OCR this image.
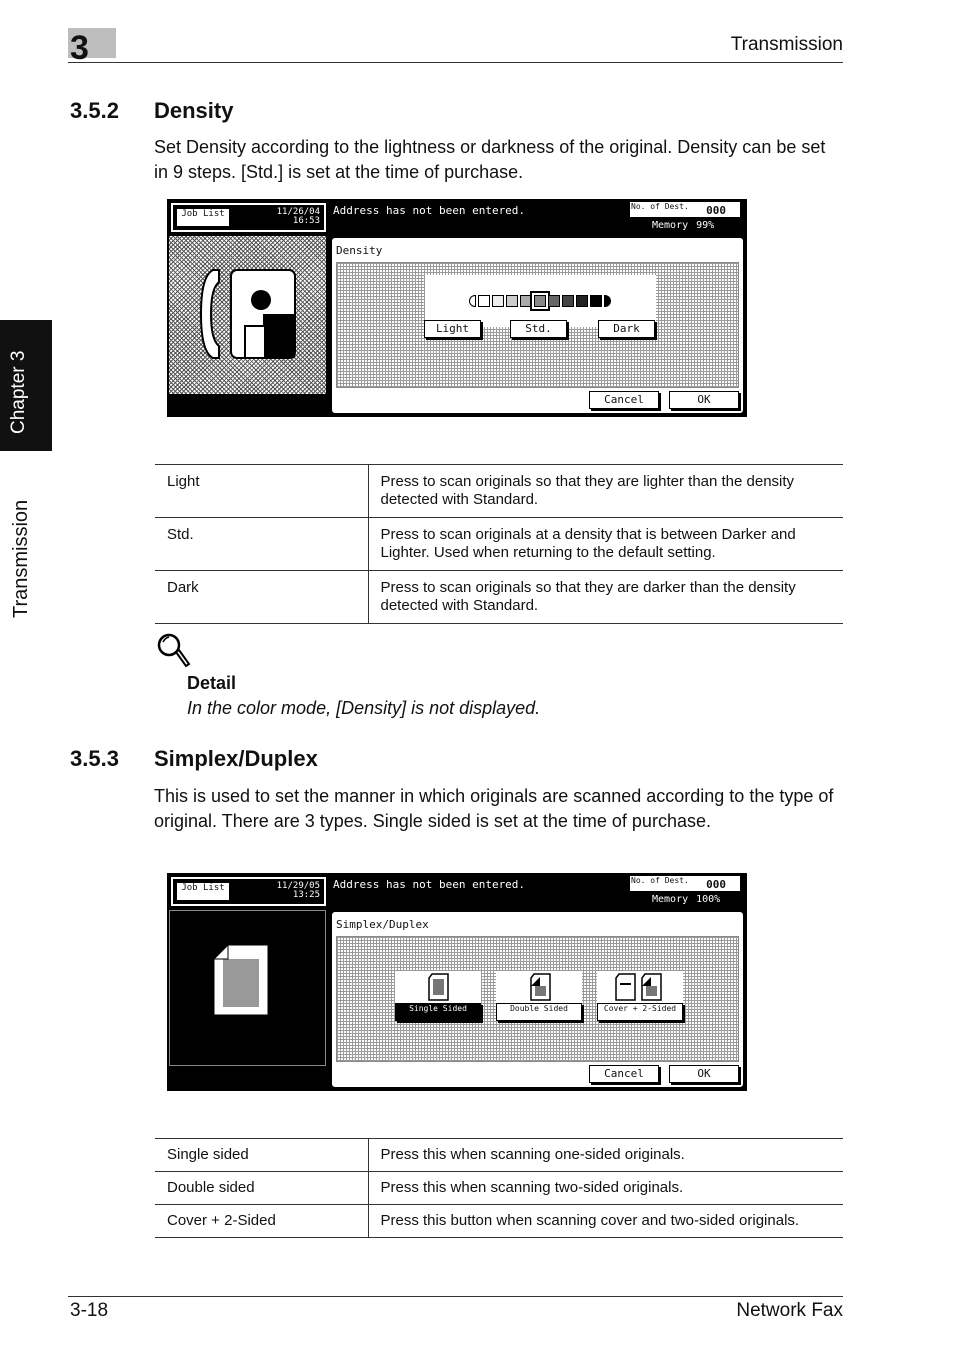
3	Transmission
Chapter 3
Transmission
3.5.2 Density
Set Density according to the lightness or darkness of the original. Density can be set in 9 steps. [Std.] is set at the time of purchase.
Job List	11/26/04
16:53
Address has not been entered.	No. of Dest. 000
Memory 99%
Density
Light	Std.	Dark
Cancel	OK
Light	Press to scan originals so that they are lighter than the density detected with Standard.
Std.	Press to scan originals at a density that is between Darker and Lighter. Used when returning to the default setting.
Dark	Press to scan originals so that they are darker than the density detected with Standard.
Detail
In the color mode, [Density] is not displayed.
3.5.3 Simplex/Duplex
This is used to set the manner in which originals are scanned according to the type of original. There are 3 types. Single sided is set at the time of purchase.
Job List	11/29/05
13:25
Address has not been entered.	No. of Dest. 000
Memory 100%
Simplex/Duplex
Single Sided	Double Sided	Cover + 2-Sided
Cancel	OK
Single sided	Press this when scanning one-sided originals.
Double sided	Press this when scanning two-sided originals.
Cover + 2-Sided	Press this button when scanning cover and two-sided originals.
3-18	Network Fax
